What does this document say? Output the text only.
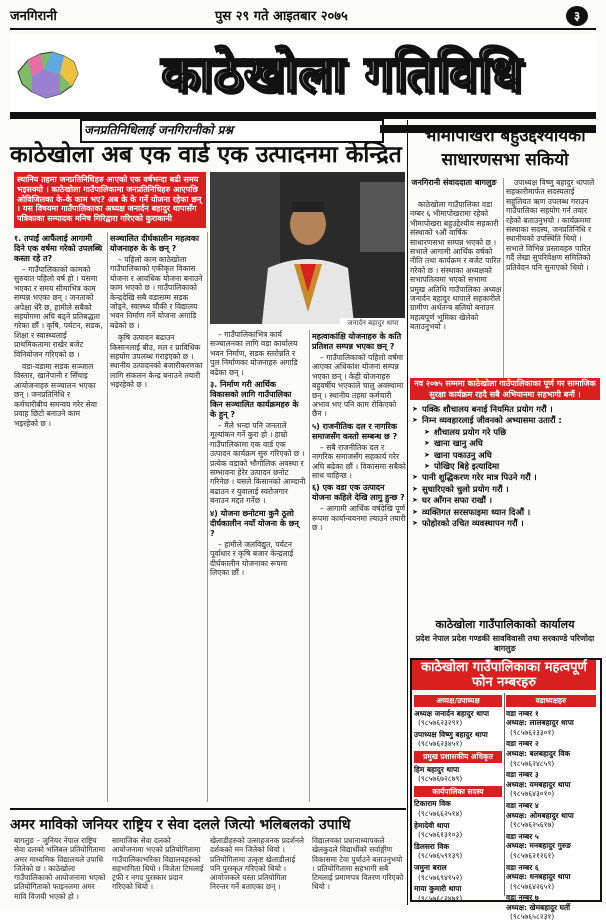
जनगिरानी	पुस २९ गते आइतबार २०७५	३
काठेखोला गतिविधि
जनप्रतिनिधिलाई जनगिरानीको प्रश्न
काठेखोला अब एक वार्ड एक उत्पादनमा केन्द्रित
स्थानिय तहमा जनप्रतिनिधिहरु आएको एक वर्षभन्दा बढी समय भइसक्यो । काठेखोला गाउँपालिकामा जनप्रतिनिधिहरु आएपछि ओविजिलका के-के काम भए? अब के के गर्ने योजना रहेका छन् । यस विषयमा गाउँपालिकाका अध्यक्ष जनार्दन बहादुर थापासँग पत्रिकाका सम्पादक मनिष गिरिद्वारा गरिएको कुराकानी
जनार्दन बहादुर थापा
१. तपाईं आफैंलाई आगामी दिने एक वर्षमा गरेको उपलब्धि कस्ता रहे त?

– गाउँपालिकाको कामको सुरुवात पहिलो वर्ष हो । यसमा भएका र समय सीमाभित्र काम सम्पन्न भएका छन् । जनताको अपेक्षा धेरै छ, हामीले सबैको सहयोगमा अघि बढ्ने प्रतिबद्धता गरेका छौं । कृषि, पर्यटन, सडक, शिक्षा र स्वास्थ्यलाई प्राथमिकतामा राखेर बजेट विनियोजन गरिएको छ ।

वडा-वडामा सडक सञ्जाल विस्तार, खानेपानी र सिँचाइ आयोजनाहरु सञ्चालन भएका छन् । जनप्रतिनिधि र कर्मचारीबीच समन्वय गरेर सेवा प्रवाह छिटो बनाउने काम भइरहेको छ ।

सञ्चालित दीर्घकालीन महत्वका योजनाहरु के के छन् ?

– पहिलो काम काठेखोला गाउँपालिकाको एकीकृत विकास योजना र आवधिक योजना बनाउने काम भएको छ । गाउँपालिकाको केन्द्रदेखि सबै वडासम्म सडक जोड्ने, स्वास्थ्य चौकी र विद्यालय भवन निर्माण गर्ने योजना अगाडि बढेको छ ।

कृषि उत्पादन बढाउन किसानलाई बीउ, मल र प्राविधिक सहयोग उपलब्ध गराइएको छ । स्थानीय उत्पादनको बजारीकरणका लागि संकलन केन्द्र बनाउने तयारी भइरहेको छ ।

– गाउँपालिकाभित्र कार्य सञ्चालनका लागि वडा कार्यालय भवन निर्माण, सडक स्तरोन्नति र पुल निर्माणका योजनाहरु अगाडि बढेका छन् ।

३. निर्माण गरी आर्थिक विकासको लागि गाउँपालिका किन सञ्चालित कार्यक्रमहरु के के हुन् ?

– मैले भन्दा पनि जनताले मूल्यांकन गर्ने कुरा हो । हाम्रो गाउँपालिकामा एक वार्ड एक उत्पादन कार्यक्रम सुरु गरिएको छ । प्रत्येक वडाको भौगोलिक अवस्था र सम्भावना हेरेर उत्पादन छनोट गरिनेछ । यसले किसानको आम्दानी बढाउन र युवालाई स्वरोजगार बनाउन मद्दत गर्नेछ ।

४) योजना छनोटमा कुनै ठूलो दीर्घकालीन नयाँ योजना के छन् ?

– हामीले जलविद्युत, पर्यटन पूर्वाधार र कृषि बजार केन्द्रलाई दीर्घकालीन योजनाका रूपमा लिएका छौं ।

महत्वाकांक्षि योजनाहरु के कति प्रतिशत सम्पन्न भएका छन् ?

– गाउँपालिकाको पहिलो वर्षमा आएका अधिकांश योजना सम्पन्न भएका छन् । केही योजनाहरु बहुवर्षीय भएकाले चालु अवस्थामा छन् । स्थानीय तहमा कर्मचारी अभाव भए पनि काम रोकिएको छैन ।

५) राजनीतिक दल र नागरिक समाजसँग कस्तो सम्बन्ध छ ?

– सबै राजनीतिक दल र नागरिक समाजसँग सहकार्य गरेर अघि बढेका छौं । विकासमा सबैको साथ चाहिन्छ ।

६) एक वडा एक उत्पादन योजना कहिले देखि लागु हुन्छ ?

– आगामी आर्थिक वर्षदेखि पूर्ण रूपमा कार्यान्वयनमा ल्याउने तयारी छ ।

भीमापोखरा बहुउद्देश्यीयको साधारणसभा सकियो
जनगिरानी संवाददाता बागलुङ

काठेखोला गाउँपालिका वडा नम्बर ६ भीमापोखरामा रहेको भीमापोखरा बहुउद्देश्यीय सहकारी संस्थाको ९औं वार्षिक साधारणसभा सम्पन्न भएको छ । सभाले आगामी आर्थिक वर्षको नीति तथा कार्यक्रम र बजेट पारित गरेको छ । संस्थाका अध्यक्षको सभापतित्वमा भएको सभामा प्रमुख अतिथि गाउँपालिका अध्यक्ष जनार्दन बहादुर थापाले सहकारीले ग्रामीण अर्थतन्त्र बलियो बनाउन महत्वपूर्ण भूमिका खेलेको बताउनुभयो ।

उपाध्यक्ष विष्णु बहादुर थापाले सहकारीमार्फत सदस्यलाई सहुलियत ऋण उपलब्ध गराउन गाउँपालिका सहयोग गर्न तयार रहेको बताउनुभयो । कार्यक्रममा संस्थाका सदस्य, जनप्रतिनिधि र स्थानीयको उपस्थिति थियो । सभाले विभिन्न प्रस्तावहरु पारित गर्दै लेखा सुपरिवेक्षण समितिको प्रतिवेदन पनि सुनाएको थियो ।

नव २०७५ सम्ममा काठेखोला गाउँपालिकाका पूर्ण गर सामाजिक सुरक्षा कार्यक्रम रहदै सबै अभियानमा सहभागी बनौं ।
➤ पक्कि शौचालय बनाई नियमित प्रयोग गरौं ।
➤ निम्न व्यवहारलाई जीवनको अभ्यासमा उतारौं :
➤ शौचालय प्रयोग गरे पछि
➤ खाना खानु अघि
➤ खाना पकाउनु अघि
➤ पोखिए बिहे इत्यादिमा
➤ पानी शुद्धिकरण गरेर मात्र पिउने गरौं ।
➤ सुधारिएको चुलो प्रयोग गरौं ।
➤ घर आँगन सफा राखौं ।
➤ व्यक्तिगत सरसफाइमा ध्यान दिऔं ।
➤ फोहोरको उचित व्यवस्थापन गरौं ।
काठेखोला गाउँपालिकाको कार्यालय
प्रदेश नेपाल प्रदेश गण्डकी सावविवासी तथा सरकाण्डे परिणोदा बागलुङ
काठेखोला गाउँपालिकाका महत्वपूर्ण फोन नम्बरहरु
अध्यक्ष/उपाध्यक्ष
अध्यक्ष जनार्दन बहादुर थापा
(९८५७६२३२९१)
उपाध्यक्ष विष्णु बहादुर थापा
(९८५७६२३४५१)
प्रमुख प्रशासकीय अधिकृत
हिम बहादुर थापा
(९८५७६७२८७९)
कार्यपालिका सदस्य
टिकाराम विक
(९८५७६६२५१४)
हेमादेवी थापा
(९८५७६१३१०३)
डिलसरा विक
(९८५७६५९१३९)
जमुना बराल
(९८५७६९४१५२)
माया कुमारी थापा
(९८५७६८२४७१)
वडाध्यक्षहरु
वडा नम्बर १
अध्यक्ष: लालबहादुर थापा
(९८५७६२३३०१)
वडा नम्बर २
अध्यक्ष: बलबहादुर विक
(९८५७६२४८५९)
वडा नम्बर ३
अध्यक्ष: यमबहादुर थापा
(९८५७६४३०१०)
वडा नम्बर ४
अध्यक्ष: ओमबहादुर थापा
(९८५७६२५६१७)
वडा नम्बर ५
अध्यक्ष: मनबहादुर गुरुङ
(९८५७६२१२६१)
वडा नम्बर ६
अध्यक्ष: धनबहादुर थापा
(९८५७६४२६५१)
वडा नम्बर ७
अध्यक्ष: खेमबहादुर घर्ती
(९८५७६५८२३१)
अमर माविको जनियर राष्ट्रिय र सेवा दलले जित्यो भलिबलको उपाधि
बागलुङ – जुनियर नेपाल राष्ट्रिय सेवा दलको भलिबल प्रतियोगितामा अमर माध्यमिक विद्यालयले उपाधि जितेको छ । काठेखोला गाउँपालिकाको आयोजनामा भएको प्रतियोगिताको फाइनलमा अमर मावि विजयी भएको हो ।
सामाजिक सेवा दलको आयोजनामा भएको प्रतियोगितामा गाउँपालिकाभरिका विद्यालयहरुको सहभागिता थियो । विजेता टिमलाई ट्रफी र नगद पुरस्कार प्रदान गरिएको थियो ।
खेलाडीहरुको उत्साहजनक प्रदर्शनले दर्शकको मन जितेको थियो । प्रतियोगितामा उत्कृष्ट खेलाडीलाई पनि पुरस्कृत गरिएको थियो । आयोजकले यस्ता प्रतियोगिता निरन्तर गर्ने बताएका छन् ।
विद्यालयका प्रधानाध्यापकले खेलकुदले विद्यार्थीको सर्वाङ्गीण विकासमा टेवा पुर्याउने बताउनुभयो । प्रतियोगितामा सहभागी सबै टिमलाई प्रमाणपत्र वितरण गरिएको थियो ।
